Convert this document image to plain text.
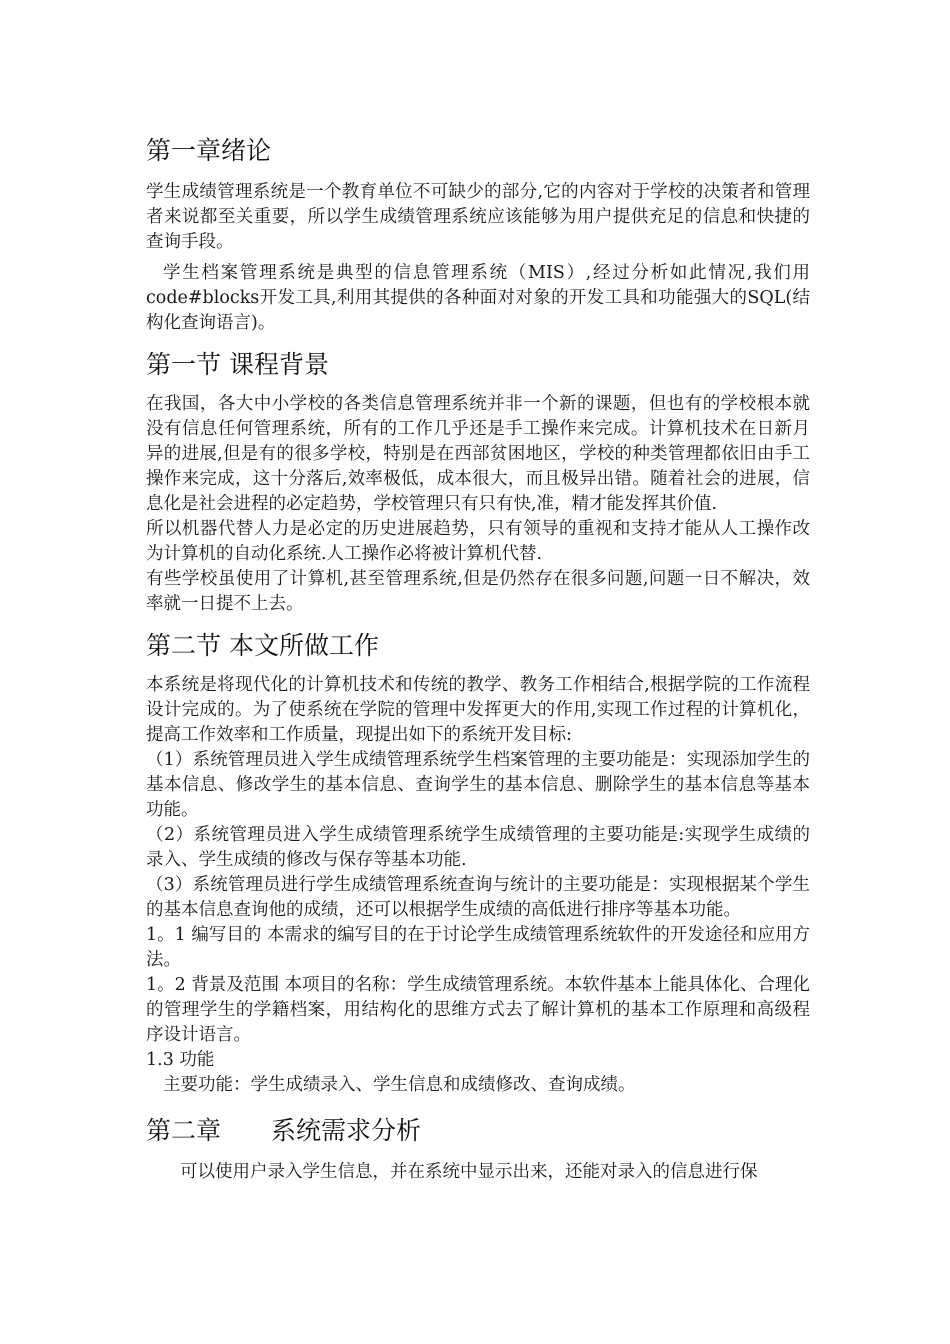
第一章绪论

学生成绩管理系统是一个教育单位不可缺少的部分,它的内容对于学校的决策者和管理者来说都至关重要，所以学生成绩管理系统应该能够为用户提供充足的信息和快捷的查询手段。

学生档案管理系统是典型的信息管理系统（MIS）,经过分析如此情况,我们用code#blocks开发工具,利用其提供的各种面对对象的开发工具和功能强大的SQL(结构化查询语言)。

第一节 课程背景

在我国，各大中小学校的各类信息管理系统并非一个新的课题，但也有的学校根本就没有信息任何管理系统，所有的工作几乎还是手工操作来完成。计算机技术在日新月异的进展,但是有的很多学校，特别是在西部贫困地区，学校的种类管理都依旧由手工操作来完成，这十分落后,效率极低，成本很大，而且极异出错。随着社会的进展，信息化是社会进程的必定趋势，学校管理只有只有快,准，精才能发挥其价值.

所以机器代替人力是必定的历史进展趋势，只有领导的重视和支持才能从人工操作改为计算机的自动化系统.人工操作必将被计算机代替.

有些学校虽使用了计算机,甚至管理系统,但是仍然存在很多问题,问题一日不解决，效率就一日提不上去。

第二节 本文所做工作

本系统是将现代化的计算机技术和传统的教学、教务工作相结合,根据学院的工作流程设计完成的。为了使系统在学院的管理中发挥更大的作用,实现工作过程的计算机化，提高工作效率和工作质量，现提出如下的系统开发目标:

（1）系统管理员进入学生成绩管理系统学生档案管理的主要功能是：实现添加学生的基本信息、修改学生的基本信息、查询学生的基本信息、删除学生的基本信息等基本功能。

（2）系统管理员进入学生成绩管理系统学生成绩管理的主要功能是:实现学生成绩的录入、学生成绩的修改与保存等基本功能.

（3）系统管理员进行学生成绩管理系统查询与统计的主要功能是：实现根据某个学生的基本信息查询他的成绩，还可以根据学生成绩的高低进行排序等基本功能。

1。1 编写目的 本需求的编写目的在于讨论学生成绩管理系统软件的开发途径和应用方法。

1。2 背景及范围 本项目的名称：学生成绩管理系统。本软件基本上能具体化、合理化的管理学生的学籍档案，用结构化的思维方式去了解计算机的基本工作原理和高级程序设计语言。

1.3 功能

主要功能：学生成绩录入、学生信息和成绩修改、查询成绩。

第二章　　系统需求分析

可以使用户录入学生信息，并在系统中显示出来，还能对录入的信息进行保
